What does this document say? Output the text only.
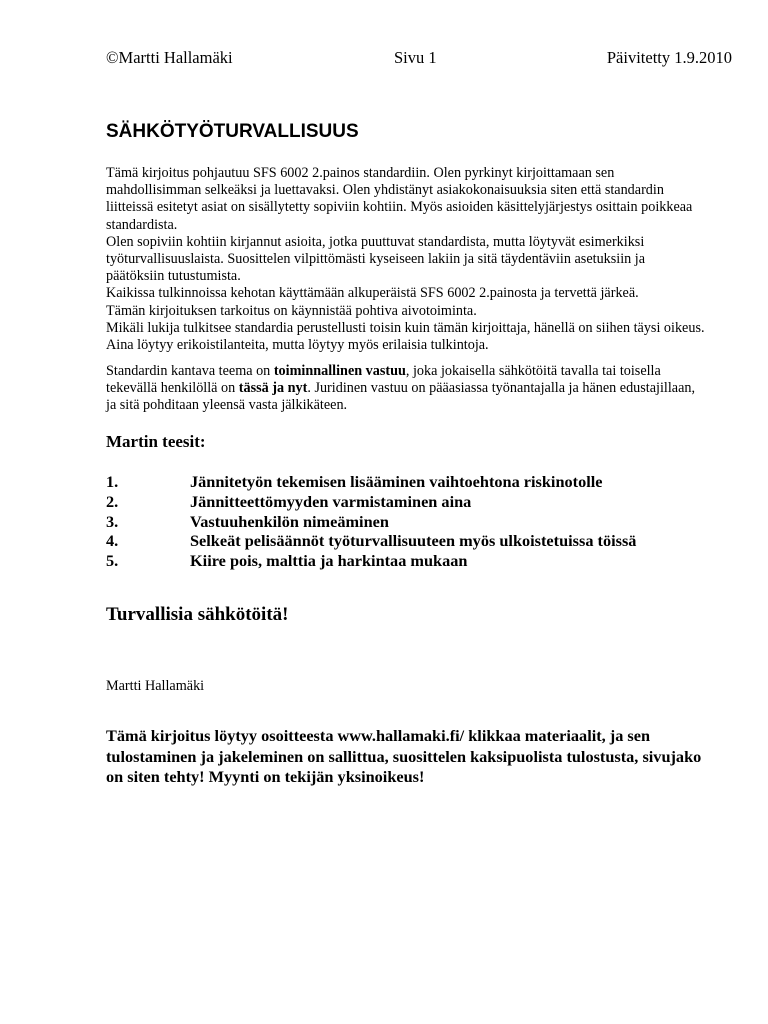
©Martti Hallamäki	Sivu 1	Päivitetty 1.9.2010
SÄHKÖTYÖTURVALLISUUS

Tämä kirjoitus pohjautuu SFS 6002 2.painos standardiin. Olen pyrkinyt kirjoittamaan sen mahdollisimman selkeäksi ja luettavaksi. Olen yhdistänyt asiakokonaisuuksia siten että standardin liitteissä esitetyt asiat on sisällytetty sopiviin kohtiin. Myös asioiden käsittelyjärjestys osittain poikkeaa standardista.

Olen sopiviin kohtiin kirjannut asioita, jotka puuttuvat standardista, mutta löytyvät esimerkiksi työturvallisuuslaista. Suosittelen vilpittömästi kyseiseen lakiin ja sitä täydentäviin asetuksiin ja päätöksiin tutustumista.

Kaikissa tulkinnoissa kehotan käyttämään alkuperäistä SFS 6002 2.painosta ja tervettä järkeä.

Tämän kirjoituksen tarkoitus on käynnistää pohtiva aivotoiminta.

Mikäli lukija tulkitsee standardia perustellusti toisin kuin tämän kirjoittaja, hänellä on siihen täysi oikeus. Aina löytyy erikoistilanteita, mutta löytyy myös erilaisia tulkintoja.

Standardin kantava teema on toiminnallinen vastuu, joka jokaisella sähkötöitä tavalla tai toisella tekevällä henkilöllä on tässä ja nyt. Juridinen vastuu on pääasiassa työnantajalla ja hänen edustajillaan, ja sitä pohditaan yleensä vasta jälkikäteen.

Martin teesit:
1.	Jännitetyön tekemisen lisääminen vaihtoehtona riskinotolle
2.	Jännitteettömyyden varmistaminen aina
3.	Vastuuhenkilön nimeäminen
4.	Selkeät pelisäännöt työturvallisuuteen myös ulkoistetuissa töissä
5.	Kiire pois, malttia ja harkintaa mukaan
Turvallisia sähkötöitä!

Martti Hallamäki

Tämä kirjoitus löytyy osoitteesta www.hallamaki.fi/ klikkaa materiaalit, ja sen tulostaminen ja jakeleminen on sallittua, suosittelen kaksipuolista tulostusta, sivujako on siten tehty! Myynti on tekijän yksinoikeus!
